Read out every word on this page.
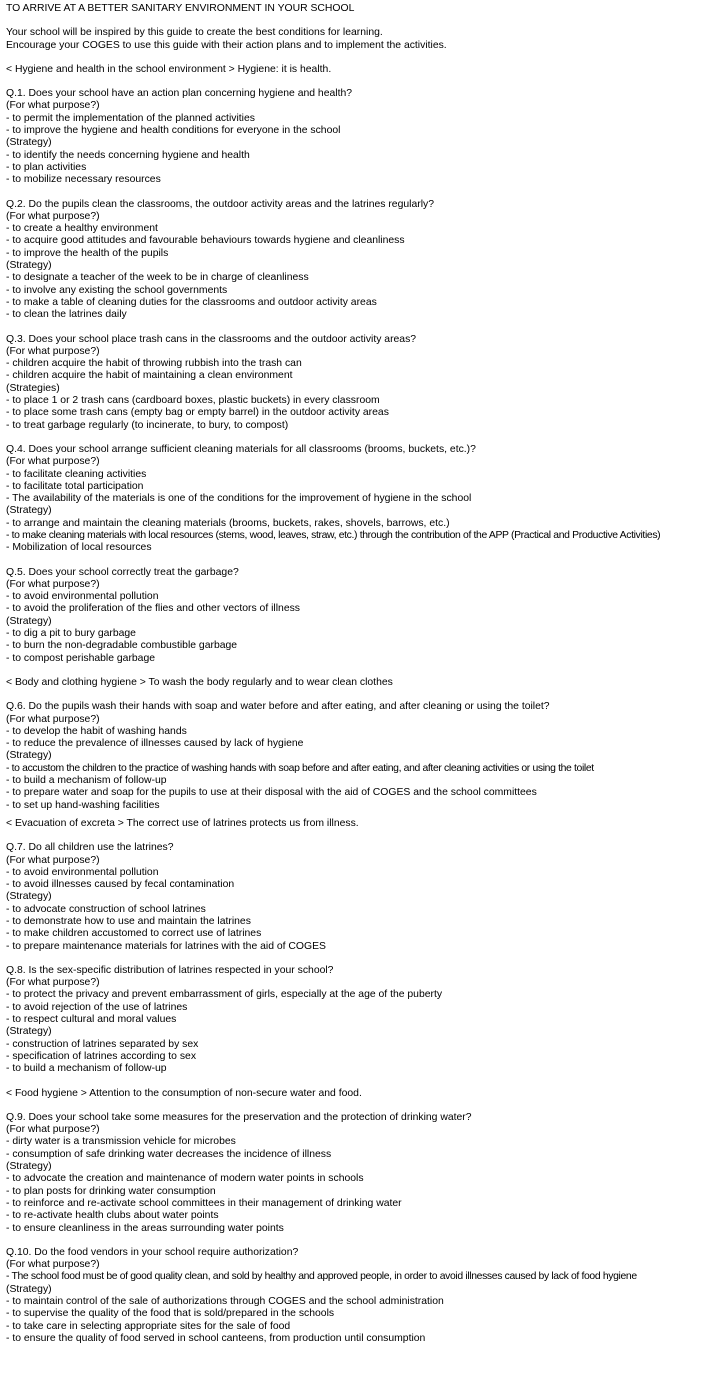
TO ARRIVE AT A BETTER SANITARY ENVIRONMENT IN YOUR SCHOOL
Your school will be inspired by this guide to create the best conditions for learning.
Encourage your COGES to use this guide with their action plans and to implement the activities.
< Hygiene and health in the school environment > Hygiene: it is health.
Q.1. Does your school have an action plan concerning hygiene and health?
(For what purpose?)
- to permit the implementation of the planned activities
- to improve the hygiene and health conditions for everyone in the school
(Strategy)
- to identify the needs concerning hygiene and health
- to plan activities
- to mobilize necessary resources
Q.2. Do the pupils clean the classrooms, the outdoor activity areas and the latrines regularly?
(For what purpose?)
- to create a healthy environment
- to acquire good attitudes and favourable behaviours towards hygiene and cleanliness
- to improve the health of the pupils
(Strategy)
- to designate a teacher of the week to be in charge of cleanliness
- to involve any existing the school governments
- to make a table of cleaning duties for the classrooms and outdoor activity areas
- to clean the latrines daily
Q.3. Does your school place trash cans in the classrooms and the outdoor activity areas?
(For what purpose?)
- children acquire the habit of throwing rubbish into the trash can
- children acquire the habit of maintaining a clean environment
(Strategies)
- to place 1 or 2 trash cans (cardboard boxes, plastic buckets) in every classroom
- to place some trash cans (empty bag or empty barrel) in the outdoor activity areas
- to treat garbage regularly (to incinerate, to bury, to compost)
Q.4. Does your school arrange sufficient cleaning materials for all classrooms (brooms, buckets, etc.)?
(For what purpose?)
- to facilitate cleaning activities
- to facilitate total participation
- The availability of the materials is one of the conditions for the improvement of hygiene in the school
(Strategy)
- to arrange and maintain the cleaning materials (brooms, buckets, rakes, shovels, barrows, etc.)
- to make cleaning materials with local resources (stems, wood, leaves, straw, etc.) through the contribution of the APP (Practical and Productive Activities)
- Mobilization of local resources
Q.5. Does your school correctly treat the garbage?
(For what purpose?)
- to avoid environmental pollution
- to avoid the proliferation of the flies and other vectors of illness
(Strategy)
- to dig a pit to bury garbage
- to burn the non-degradable combustible garbage
- to compost perishable garbage
< Body and clothing hygiene > To wash the body regularly and to wear clean clothes
Q.6. Do the pupils wash their hands with soap and water before and after eating, and after cleaning or using the toilet?
(For what purpose?)
- to develop the habit of washing hands
- to reduce the prevalence of illnesses caused by lack of hygiene
(Strategy)
- to accustom the children to the practice of washing hands with soap before and after eating, and after cleaning activities or using the toilet
- to build a mechanism of follow-up
- to prepare water and soap for the pupils to use at their disposal with the aid of COGES and the school committees
- to set up hand-washing facilities
< Evacuation of excreta > The correct use of latrines protects us from illness.
Q.7. Do all children use the latrines?
(For what purpose?)
- to avoid environmental pollution
- to avoid illnesses caused by fecal contamination
(Strategy)
- to advocate construction of school latrines
- to demonstrate how to use and maintain the latrines
- to make children accustomed to correct use of latrines
- to prepare maintenance materials for latrines with the aid of COGES
Q.8. Is the sex-specific distribution of latrines respected in your school?
(For what purpose?)
- to protect the privacy and prevent embarrassment of girls, especially at the age of the puberty
- to avoid rejection of the use of latrines
- to respect cultural and moral values
(Strategy)
- construction of latrines separated by sex
- specification of latrines according to sex
- to build a mechanism of follow-up
< Food hygiene > Attention to the consumption of non-secure water and food.
Q.9. Does your school take some measures for the preservation and the protection of drinking water?
(For what purpose?)
- dirty water is a transmission vehicle for microbes
- consumption of safe drinking water decreases the incidence of illness
(Strategy)
- to advocate the creation and maintenance of modern water points in schools
- to plan posts for drinking water consumption
- to reinforce and re-activate school committees in their management of drinking water
- to re-activate health clubs about water points
- to ensure cleanliness in the areas surrounding water points
Q.10. Do the food vendors in your school require authorization?
(For what purpose?)
- The school food must be of good quality clean, and sold by healthy and approved people, in order to avoid illnesses caused by lack of food hygiene
(Strategy)
- to maintain control of the sale of authorizations through COGES and the school administration
- to supervise the quality of the food that is sold/prepared in the schools
- to take care in selecting appropriate sites for the sale of food
- to ensure the quality of food served in school canteens, from production until consumption
